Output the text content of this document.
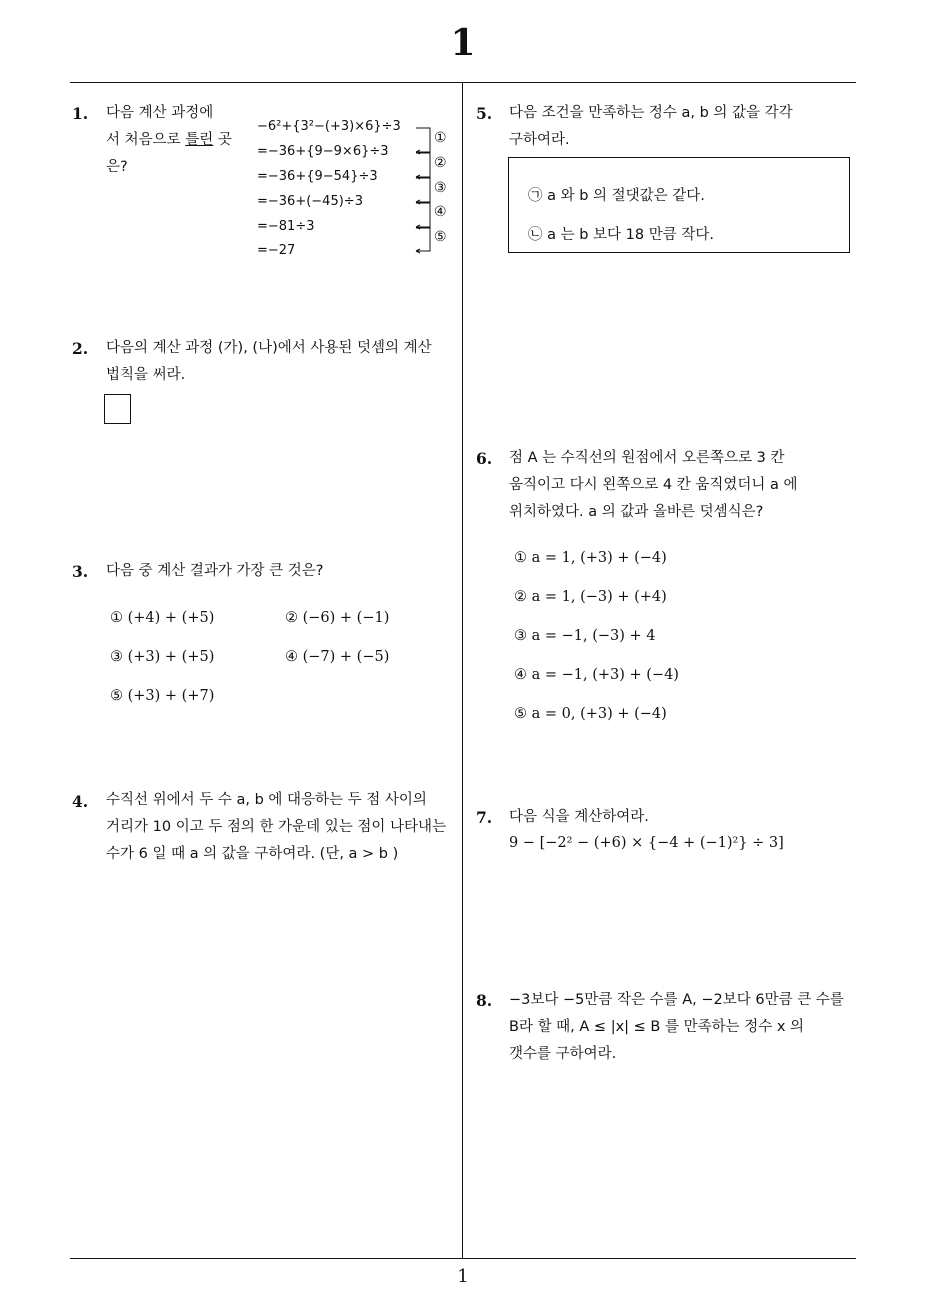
1
1
1. 다음 계산 과정에
서 처음으로 틀린 곳
은?
−6²+{3²−(+3)×6}÷3
=−36+{9−9×6}÷3
=−36+{9−54}÷3
=−36+(−45)÷3
=−81÷3
=−27
①
②
③
④
⑤
2. 다음의 계산 과정 (가), (나)에서 사용된 덧셈의 계산
법칙을 써라.
3. 다음 중 계산 결과가 가장 큰 것은?
① (+4) + (+5)	② (−6) + (−1)
③ (+3) + (+5)	④ (−7) + (−5)
⑤ (+3) + (+7)
4. 수직선 위에서 두 수 a, b 에 대응하는 두 점 사이의
거리가 10 이고 두 점의 한 가운데 있는 점이 나타내는
수가 6 일 때 a 의 값을 구하여라. (단, a > b )
5. 다음 조건을 만족하는 정수 a, b 의 값을 각각
구하여라.
㉠ a 와 b 의 절댓값은 같다.
㉡ a 는 b 보다 18 만큼 작다.
6. 점 A 는 수직선의 원점에서 오른쪽으로 3 칸
움직이고 다시 왼쪽으로 4 칸 움직였더니 a 에
위치하였다. a 의 값과 올바른 덧셈식은?
① a = 1, (+3) + (−4)
② a = 1, (−3) + (+4)
③ a = −1, (−3) + 4
④ a = −1, (+3) + (−4)
⑤ a = 0, (+3) + (−4)
7. 다음 식을 계산하여라.
9 − [−2² − (+6) × {−4 + (−1)²} ÷ 3]
8. −3보다 −5만큼 작은 수를 A, −2보다 6만큼 큰 수를
B라 할 때, A ≤ |x| ≤ B 를 만족하는 정수 x 의
갯수를 구하여라.
